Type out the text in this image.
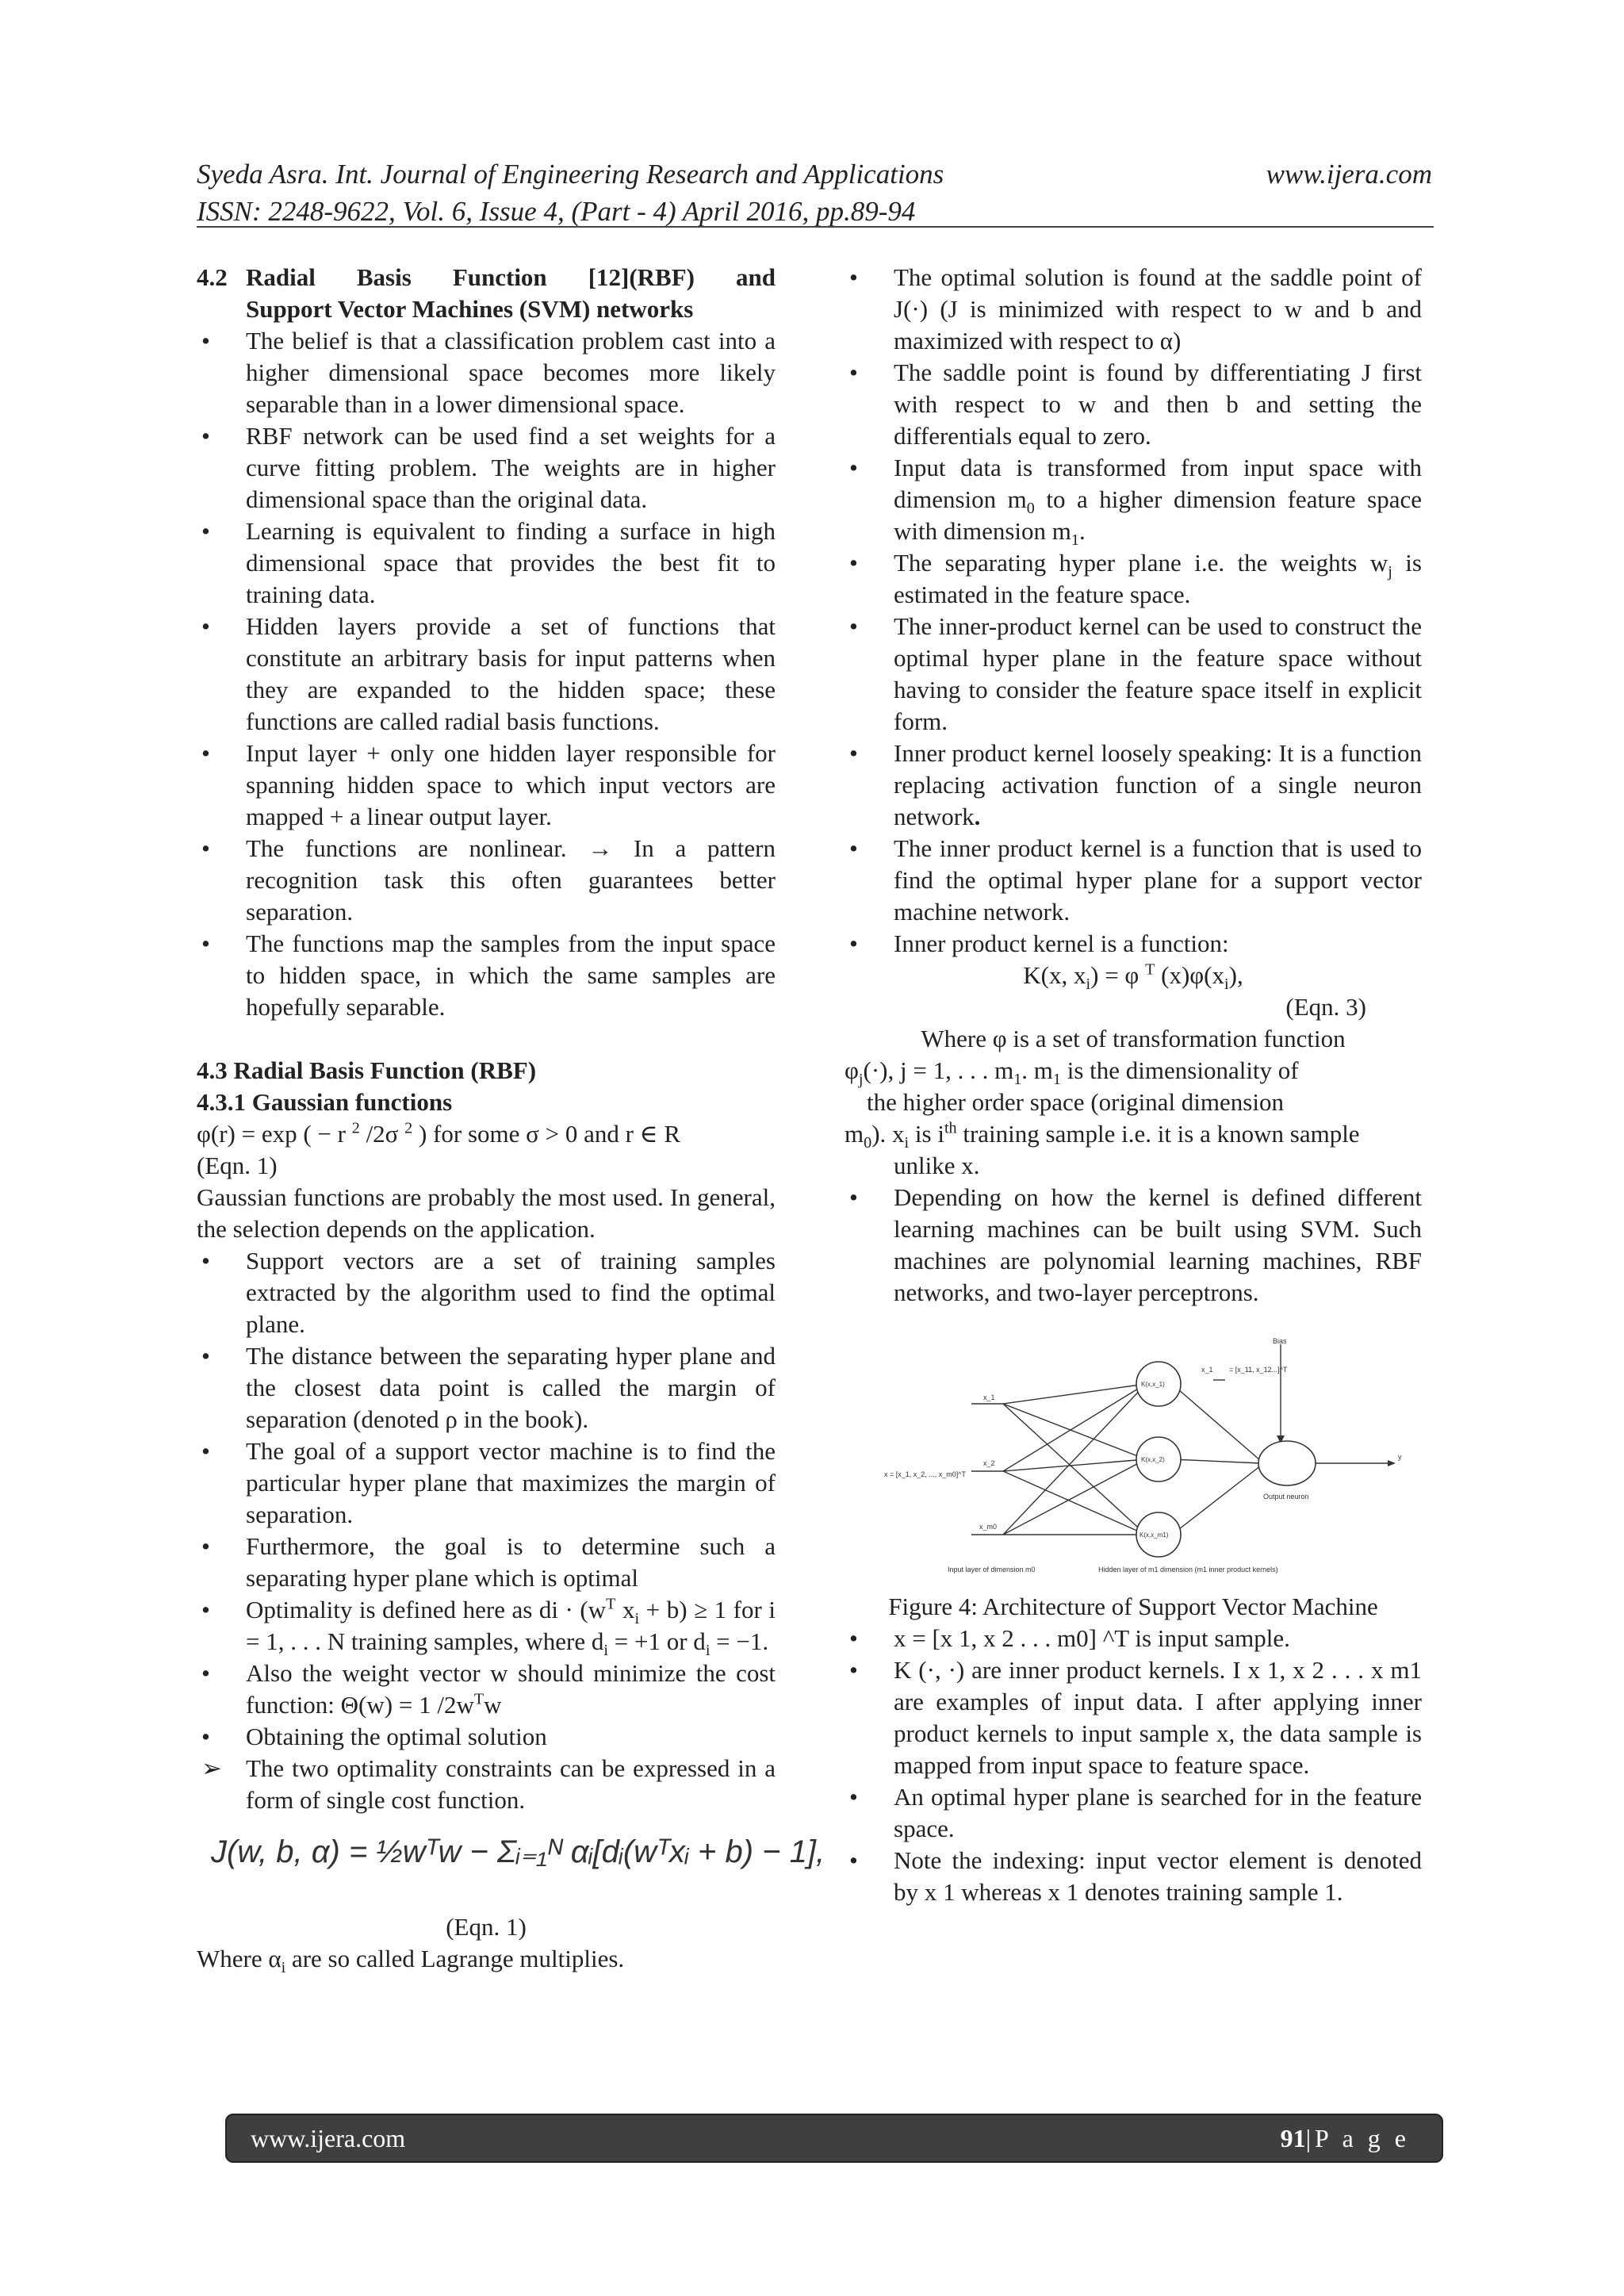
Syeda Asra. Int. Journal of Engineering Research and Applications	www.ijera.com
ISSN: 2248-9622, Vol. 6, Issue 4, (Part - 4) April 2016, pp.89-94
4.2 Radial Basis Function [12](RBF) and
Support Vector Machines (SVM) networks
• The belief is that a classification problem cast into a higher dimensional space becomes more likely separable than in a lower dimensional space.
• RBF network can be used find a set weights for a curve fitting problem. The weights are in higher dimensional space than the original data.
• Learning is equivalent to finding a surface in high dimensional space that provides the best fit to training data.
• Hidden layers provide a set of functions that constitute an arbitrary basis for input patterns when they are expanded to the hidden space; these functions are called radial basis functions.
• Input layer + only one hidden layer responsible for spanning hidden space to which input vectors are mapped + a linear output layer.
• The functions are nonlinear. → In a pattern recognition task this often guarantees better separation.
• The functions map the samples from the input space to hidden space, in which the same samples are hopefully separable.

4.3 Radial Basis Function (RBF)

4.3.1 Gaussian functions

φ(r) = exp ( − r $^2$ /2σ $^2$ ) for some σ > 0 and r ∈ R

(Eqn. 1)

Gaussian functions are probably the most used. In general, the selection depends on the application.

• Support vectors are a set of training samples extracted by the algorithm used to find the optimal plane.
• The distance between the separating hyper plane and the closest data point is called the margin of separation (denoted ρ in the book).
• The goal of a support vector machine is to find the particular hyper plane that maximizes the margin of separation.
• Furthermore, the goal is to determine such a separating hyper plane which is optimal
• Optimality is defined here as di · ($w^T$ $x_i + b) \ge 1$ for i = 1, . . . N training samples, where $d_i = +1$ or $d_i = -1$.
• Also the weight vector w should minimize the cost function: Θ(w) = 1 $/2w^Tw$
• Obtaining the optimal solution
➢ The two optimality constraints can be expressed in a form of single cost function.
J(w, b, α) = ½wᵀw − Σᵢ₌₁ᴺ αᵢ[dᵢ(wᵀxᵢ + b) − 1],

(Eqn. 1)

Where $\alpha_i$ are so called Lagrange multiplies.

• The optimal solution is found at the saddle point of J(·) (J is minimized with respect to w and b and maximized with respect to α)
• The saddle point is found by differentiating J first with respect to w and then b and setting the differentials equal to zero.
• Input data is transformed from input space with dimension $m_0$ to a higher dimension feature space with dimension $m_1$.
• The separating hyper plane i.e. the weights $w_j$ is estimated in the feature space.
• The inner-product kernel can be used to construct the optimal hyper plane in the feature space without having to consider the feature space itself in explicit form.
• Inner product kernel loosely speaking: It is a function replacing activation function of a single neuron network.
• The inner product kernel is a function that is used to find the optimal hyper plane for a support vector machine network.
• Inner product kernel is a function:

K(x, $x_i) = \varphi$ $^T$ $(x)\varphi(x_i)$,

(Eqn. 3)

Where φ is a set of transformation function

$\varphi_j(\cdot)$, j = 1, . . . $m_1$. $m_1$ is the dimensionality of

the higher order space (original dimension

$m_0$). $x_i$ is $i^{th}$ training sample i.e. it is a known sample

unlike x.

• Depending on how the kernel is defined different learning machines can be built using SVM. Such machines are polynomial learning machines, RBF networks, and two-layer perceptrons.
Bias
x_1
x_1 = [x_11, x_12...]^T
x_2
x = [x_1, x_2, ..., x_m0]^T
x_m0
K(x,x_1)
K(x,x_2)
K(x,x_m1)
y
Output neuron
Input layer of dimension m0	Hidden layer of m1 dimension (m1 inner product kernels)

Figure 4: Architecture of Support Vector Machine

• x = [x 1, x 2 . . . m0] ^T is input sample.
• K (·, ·) are inner product kernels. I x 1, x 2 . . . x m1 are examples of input data. I after applying inner product kernels to input sample x, the data sample is mapped from input space to feature space.
• An optimal hyper plane is searched for in the feature space.
• Note the indexing: input vector element is denoted by x 1 whereas x 1 denotes training sample 1.
www.ijera.com	91|P a g e
